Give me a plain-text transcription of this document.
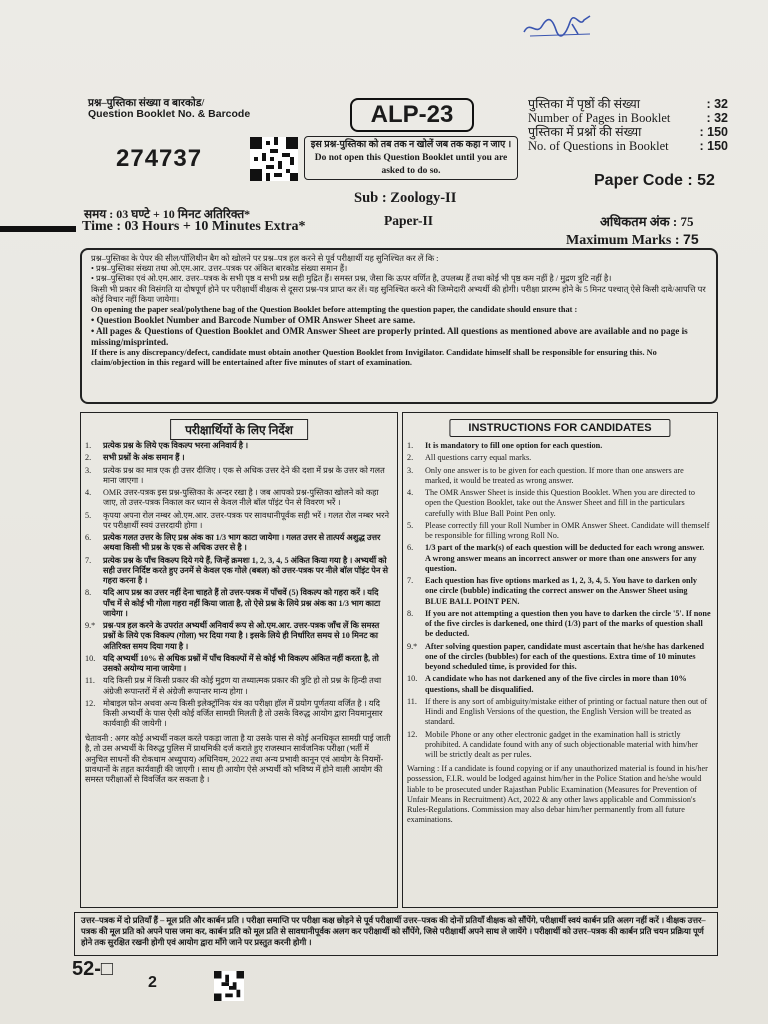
प्रश्न–पुस्तिका संख्या व बारकोड/
Question Booklet No. & Barcode
274737
ALP-23
इस प्रश्न-पुस्तिका को तब तक न खोलें जब तक कहा न जाए । Do not open this Question Booklet until you are asked to do so.
पुस्तिका में पृष्ठों की संख्या	: 32
Number of Pages in Booklet	: 32
पुस्तिका में प्रश्नों की संख्या	: 150
No. of Questions in Booklet : 150
Paper Code : 52
Sub : Zoology-II
Paper-II
समय : 03 घण्टे + 10 मिनट अतिरिक्त*
Time : 03 Hours + 10 Minutes Extra*	अधिकतम अंक : 75
Maximum Marks : 75

प्रश्न–पुस्तिका के पेपर की सील/पॉलिथीन बैग को खोलने पर प्रश्न–पत्र हल करने से पूर्व परीक्षार्थी यह सुनिश्चित कर लें कि :

• प्रश्न–पुस्तिका संख्या तथा ओ.एम.आर. उत्तर–पत्रक पर अंकित बारकोड संख्या समान हैं।
• प्रश्न–पुस्तिका एवं ओ.एम.आर. उत्तर–पत्रक के सभी पृष्ठ व सभी प्रश्न सही मुद्रित हैं। समस्त प्रश्न, जैसा कि ऊपर वर्णित है, उपलब्ध हैं तथा कोई भी पृष्ठ कम नहीं है / मुद्रण त्रुटि नहीं है।

किसी भी प्रकार की विसंगति या दोषपूर्ण होने पर परीक्षार्थी वीक्षक से दूसरा प्रश्न-पत्र प्राप्त कर लें। यह सुनिश्चित करने की जिम्मेदारी अभ्यर्थी की होगी। परीक्षा प्रारम्भ होने के 5 मिनट पश्चात् ऐसे किसी दावे/आपत्ति पर कोई विचार नहीं किया जायेगा।

On opening the paper seal/polythene bag of the Question Booklet before attempting the question paper, the candidate should ensure that :

• Question Booklet Number and Barcode Number of OMR Answer Sheet are same.
• All pages & Questions of Question Booklet and OMR Answer Sheet are properly printed. All questions as mentioned above are available and no page is missing/misprinted.

If there is any discrepancy/defect, candidate must obtain another Question Booklet from Invigilator. Candidate himself shall be responsible for ensuring this. No claim/objection in this regard will be entertained after five minutes of start of examination.

परीक्षार्थियों के लिए निर्देश
1.	प्रत्येक प्रश्न के लिये एक विकल्प भरना अनिवार्य है ।
2.	सभी प्रश्नों के अंक समान हैं ।
3.	प्रत्येक प्रश्न का मात्र एक ही उत्तर दीजिए । एक से अधिक उत्तर देने की दशा में प्रश्न के उत्तर को गलत माना जाएगा ।
4.	OMR उत्तर-पत्रक इस प्रश्न-पुस्तिका के अन्दर रखा है । जब आपको प्रश्न-पुस्तिका खोलने को कहा जाए, तो उत्तर-पत्रक निकाल कर ध्यान से केवल नीले बॉल पॉइंट पेन से विवरण भरें ।
5.	कृपया अपना रोल नम्बर ओ.एम.आर. उत्तर-पत्रक पर सावधानीपूर्वक सही भरें । गलत रोल नम्बर भरने पर परीक्षार्थी स्वयं उत्तरदायी होगा ।
6.	प्रत्येक गलत उत्तर के लिए प्रश्न अंक का 1/3 भाग काटा जायेगा । गलत उत्तर से तात्पर्य अशुद्ध उत्तर अथवा किसी भी प्रश्न के एक से अधिक उत्तर से है ।
7.	प्रत्येक प्रश्न के पाँच विकल्प दिये गये हैं, जिन्हें क्रमशः 1, 2, 3, 4, 5 अंकित किया गया है । अभ्यर्थी को सही उत्तर निर्दिष्ट करते हुए उनमें से केवल एक गोले (बबल) को उत्तर-पत्रक पर नीले बॉल पॉइंट पेन से गहरा करना है ।
8.	यदि आप प्रश्न का उत्तर नहीं देना चाहते हैं तो उत्तर-पत्रक में पाँचवें (5) विकल्प को गहरा करें । यदि पाँच में से कोई भी गोला गहरा नहीं किया जाता है, तो ऐसे प्रश्न के लिये प्रश्न अंक का 1/3 भाग काटा जायेगा ।
9.* प्रश्न-पत्र हल करने के उपरांत अभ्यर्थी अनिवार्य रूप से ओ.एम.आर. उत्तर-पत्रक जाँच लें कि समस्त प्रश्नों के लिये एक विकल्प (गोला) भर दिया गया है । इसके लिये ही निर्धारित समय से 10 मिनट का अतिरिक्त समय दिया गया है ।
10. यदि अभ्यर्थी 10% से अधिक प्रश्नों में पाँच विकल्पों में से कोई भी विकल्प अंकित नहीं करता है, तो उसको अयोग्य माना जायेगा ।
11. यदि किसी प्रश्न में किसी प्रकार की कोई मुद्रण या तथ्यात्मक प्रकार की त्रुटि हो तो प्रश्न के हिन्दी तथा अंग्रेजी रूपान्तरों में से अंग्रेजी रूपान्तर मान्य होगा ।
12. मोबाइल फोन अथवा अन्य किसी इलेक्ट्रॉनिक यंत्र का परीक्षा हॉल में प्रयोग पूर्णतया वर्जित है । यदि किसी अभ्यर्थी के पास ऐसी कोई वर्जित सामग्री मिलती है तो उसके विरुद्ध आयोग द्वारा नियमानुसार कार्यवाही की जायेगी ।
चेतावनी : अगर कोई अभ्यर्थी नकल करते पकड़ा जाता है या उसके पास से कोई अनधिकृत सामग्री पाई जाती है, तो उस अभ्यर्थी के विरुद्ध पुलिस में प्राथमिकी दर्ज कराते हुए राजस्थान सार्वजनिक परीक्षा (भर्ती में अनुचित साधनों की रोकथाम अध्युपाय) अधिनियम, 2022 तथा अन्य प्रभावी कानून एवं आयोग के नियमों-प्रावधानों के तहत कार्यवाही की जाएगी । साथ ही आयोग ऐसे अभ्यर्थी को भविष्य में होने वाली आयोग की समस्त परीक्षाओं से विवर्जित कर सकता है ।
INSTRUCTIONS FOR CANDIDATES
1.	It is mandatory to fill one option for each question.
2.	All questions carry equal marks.
3.	Only one answer is to be given for each question. If more than one answers are marked, it would be treated as wrong answer.
4.	The OMR Answer Sheet is inside this Question Booklet. When you are directed to open the Question Booklet, take out the Answer Sheet and fill in the particulars carefully with Blue Ball Point Pen only.
5.	Please correctly fill your Roll Number in OMR Answer Sheet. Candidate will themself be responsible for filling wrong Roll No.
6.	1/3 part of the mark(s) of each question will be deducted for each wrong answer. A wrong answer means an incorrect answer or more than one answers for any question.
7.	Each question has five options marked as 1, 2, 3, 4, 5. You have to darken only one circle (bubble) indicating the correct answer on the Answer Sheet using BLUE BALL POINT PEN.
8.	If you are not attempting a question then you have to darken the circle '5'. If none of the five circles is darkened, one third (1/3) part of the marks of question shall be deducted.
9.* After solving question paper, candidate must ascertain that he/she has darkened one of the circles (bubbles) for each of the questions. Extra time of 10 minutes beyond scheduled time, is provided for this.
10. A candidate who has not darkened any of the five circles in more than 10% questions, shall be disqualified.
11. If there is any sort of ambiguity/mistake either of printing or factual nature then out of Hindi and English Versions of the question, the English Version will be treated as standard.
12. Mobile Phone or any other electronic gadget in the examination hall is strictly prohibited. A candidate found with any of such objectionable material with him/her will be strictly dealt as per rules.
Warning : If a candidate is found copying or if any unauthorized material is found in his/her possession, F.I.R. would be lodged against him/her in the Police Station and he/she would liable to be prosecuted under Rajasthan Public Examination (Measures for Prevention of Unfair Means in Recruitment) Act, 2022 & any other laws applicable and Commission's Rules-Regulations. Commission may also debar him/her permanently from all future examinations.
उत्तर–पत्रक में दो प्रतियाँ हैं – मूल प्रति और कार्बन प्रति । परीक्षा समाप्ति पर परीक्षा कक्ष छोड़ने से पूर्व परीक्षार्थी उत्तर–पत्रक की दोनों प्रतियाँ वीक्षक को सौंपेंगे, परीक्षार्थी स्वयं कार्बन प्रति अलग नहीं करें । वीक्षक उत्तर–पत्रक की मूल प्रति को अपने पास जमा कर, कार्बन प्रति को मूल प्रति से सावधानीपूर्वक अलग कर परीक्षार्थी को सौंपेंगे, जिसे परीक्षार्थी अपने साथ ले जायेंगे । परीक्षार्थी को उत्तर–पत्रक की कार्बन प्रति चयन प्रक्रिया पूर्ण होने तक सुरक्षित रखनी होगी एवं आयोग द्वारा माँगे जाने पर प्रस्तुत करनी होगी ।
52-□
2
